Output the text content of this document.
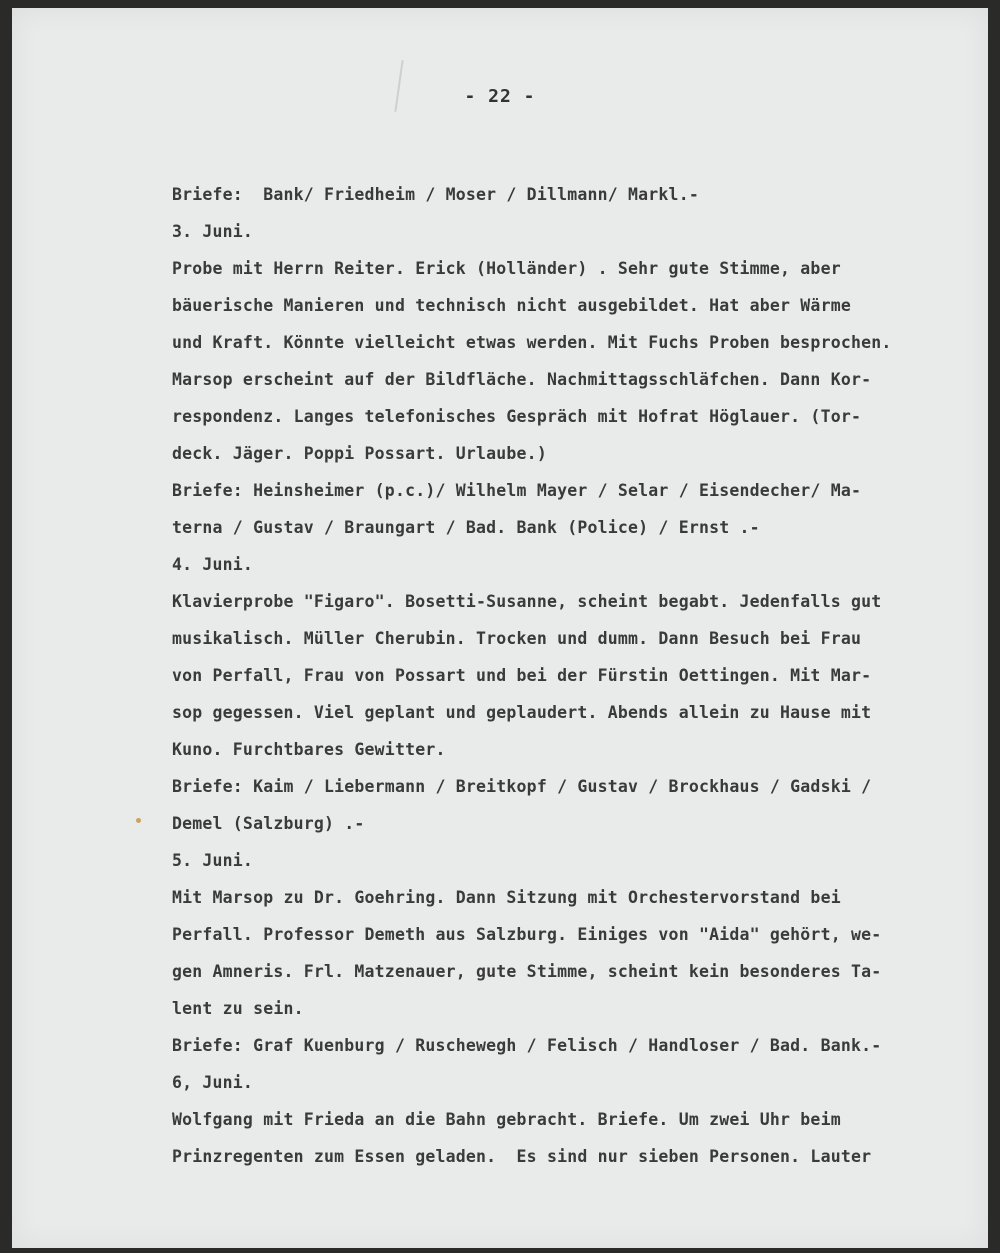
- 22 -
Briefe:  Bank/ Friedheim / Moser / Dillmann/ Markl.-
3. Juni.
Probe mit Herrn Reiter. Erick (Holländer) . Sehr gute Stimme, aber
bäuerische Manieren und technisch nicht ausgebildet. Hat aber Wärme
und Kraft. Könnte vielleicht etwas werden. Mit Fuchs Proben besprochen.
Marsop erscheint auf der Bildfläche. Nachmittagsschläfchen. Dann Kor-
respondenz. Langes telefonisches Gespräch mit Hofrat Höglauer. (Tor-
deck. Jäger. Poppi Possart. Urlaube.)
Briefe: Heinsheimer (p.c.)/ Wilhelm Mayer / Selar / Eisendecher/ Ma-
terna / Gustav / Braungart / Bad. Bank (Police) / Ernst .-
4. Juni.
Klavierprobe "Figaro". Bosetti-Susanne, scheint begabt. Jedenfalls gut
musikalisch. Müller Cherubin. Trocken und dumm. Dann Besuch bei Frau
von Perfall, Frau von Possart und bei der Fürstin Oettingen. Mit Mar-
sop gegessen. Viel geplant und geplaudert. Abends allein zu Hause mit
Kuno. Furchtbares Gewitter.
Briefe: Kaim / Liebermann / Breitkopf / Gustav / Brockhaus / Gadski /
Demel (Salzburg) .-
5. Juni.
Mit Marsop zu Dr. Goehring. Dann Sitzung mit Orchestervorstand bei
Perfall. Professor Demeth aus Salzburg. Einiges von "Aida" gehört, we-
gen Amneris. Frl. Matzenauer, gute Stimme, scheint kein besonderes Ta-
lent zu sein.
Briefe: Graf Kuenburg / Ruschewegh / Felisch / Handloser / Bad. Bank.-
6, Juni.
Wolfgang mit Frieda an die Bahn gebracht. Briefe. Um zwei Uhr beim
Prinzregenten zum Essen geladen.  Es sind nur sieben Personen. Lauter
